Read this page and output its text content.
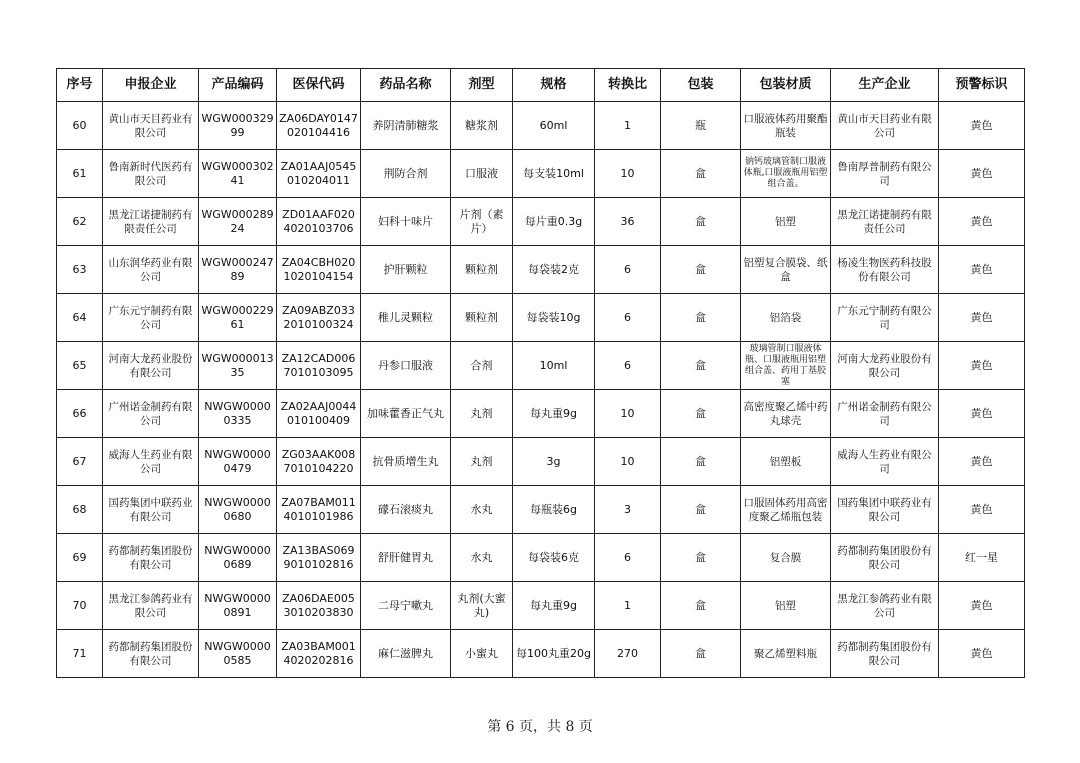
序号	申报企业	产品编码	医保代码	药品名称	剂型	规格	转换比	包装	包装材质	生产企业	预警标识
60	黄山市天目药业有限公司	WGW00032999	ZA06DAY0147020104416	养阴清肺糖浆	糖浆剂	60ml	1	瓶	口服液体药用聚酯瓶装	黄山市天目药业有限公司	黄色
61	鲁南新时代医药有限公司	WGW00030241	ZA01AAJ0545010204011	荆防合剂	口服液	每支装10ml	10	盒	钠钙玻璃管制口服液体瓶,口服液瓶用铝塑组合盖。	鲁南厚普制药有限公司	黄色
62	黑龙江诺捷制药有限责任公司	WGW00028924	ZD01AAF0204020103706	妇科十味片	片剂（素片）	每片重0.3g	36	盒	铝塑	黑龙江诺捷制药有限责任公司	黄色
63	山东润华药业有限公司	WGW00024789	ZA04CBH0201020104154	护肝颗粒	颗粒剂	每袋装2克	6	盒	铝塑复合膜袋、纸盒	杨凌生物医药科技股份有限公司	黄色
64	广东元宁制药有限公司	WGW00022961	ZA09ABZ0332010100324	稚儿灵颗粒	颗粒剂	每袋装10g	6	盒	铝箔袋	广东元宁制药有限公司	黄色
65	河南大龙药业股份有限公司	WGW00001335	ZA12CAD0067010103095	丹参口服液	合剂	10ml	6	盒	玻璃管制口服液体瓶、口服液瓶用铝塑组合盖、药用丁基胶塞	河南大龙药业股份有限公司	黄色
66	广州诺金制药有限公司	NWGW00000335	ZA02AAJ0044010100409	加味藿香正气丸	丸剂	每丸重9g	10	盒	高密度聚乙烯中药丸球壳	广州诺金制药有限公司	黄色
67	威海人生药业有限公司	NWGW00000479	ZG03AAK0087010104220	抗骨质增生丸	丸剂	3g	10	盒	铝塑板	威海人生药业有限公司	黄色
68	国药集团中联药业有限公司	NWGW00000680	ZA07BAM0114010101986	礞石滚痰丸	水丸	每瓶装6g	3	盒	口服固体药用高密度聚乙烯瓶包装	国药集团中联药业有限公司	黄色
69	药都制药集团股份有限公司	NWGW00000689	ZA13BAS0699010102816	舒肝健胃丸	水丸	每袋装6克	6	盒	复合膜	药都制药集团股份有限公司	红一星
70	黑龙江参鸽药业有限公司	NWGW00000891	ZA06DAE0053010203830	二母宁嗽丸	丸剂(大蜜丸)	每丸重9g	1	盒	铝塑	黑龙江参鸽药业有限公司	黄色
71	药都制药集团股份有限公司	NWGW00000585	ZA03BAM0014020202816	麻仁滋脾丸	小蜜丸	每100丸重20g	270	盒	聚乙烯塑料瓶	药都制药集团股份有限公司	黄色
第 6 页，共 8 页
